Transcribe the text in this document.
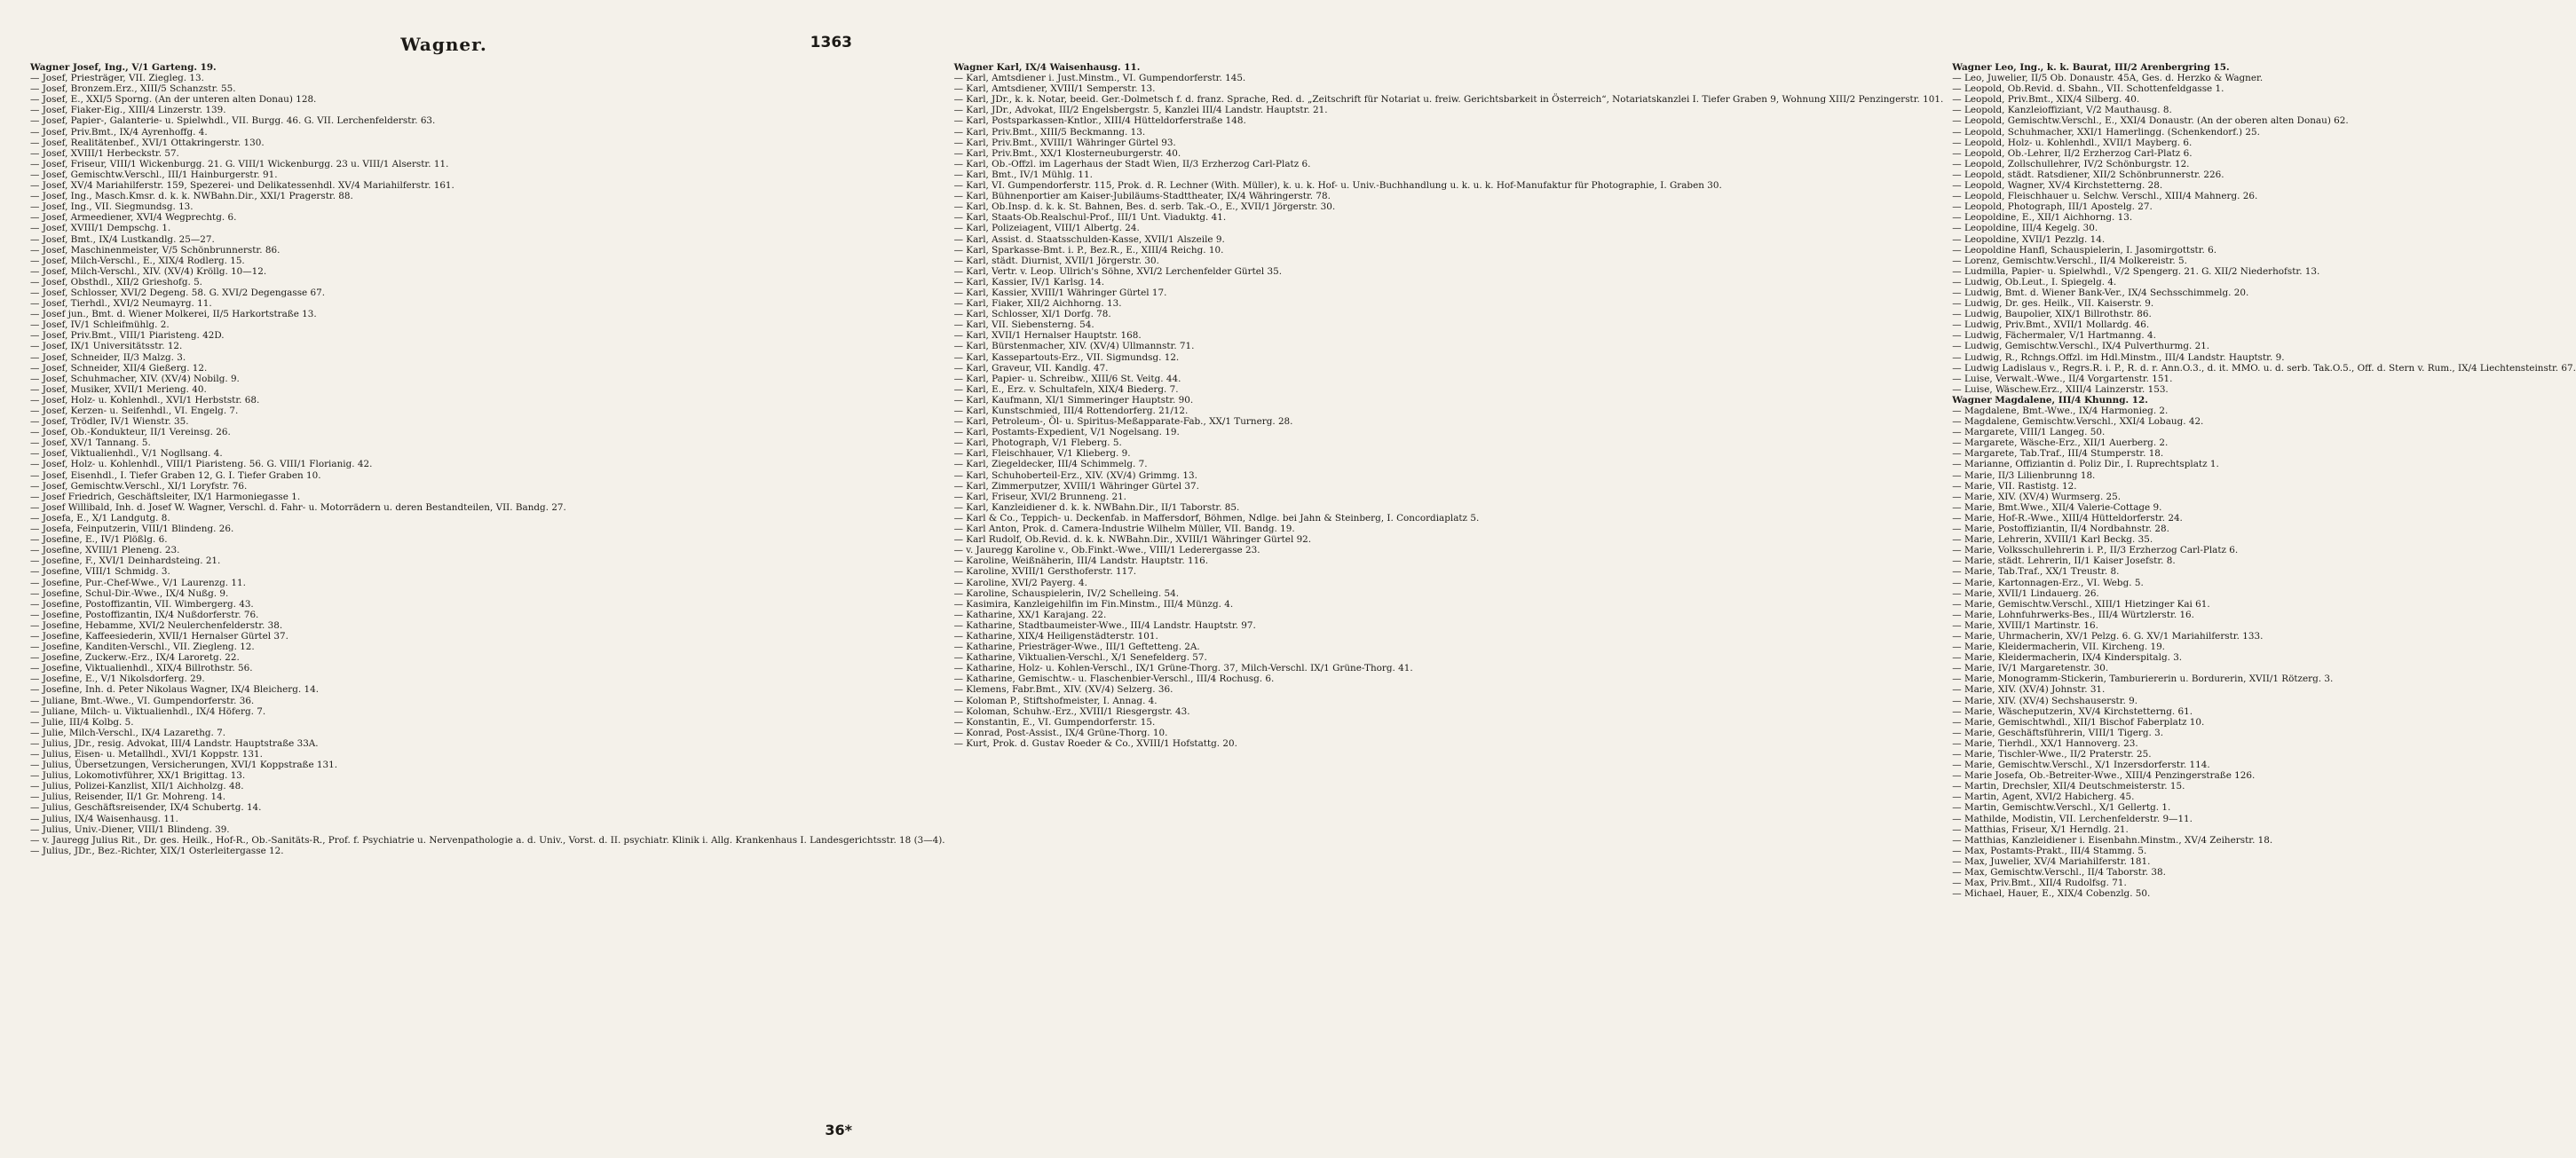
Wagner.	1363
Wagner Josef, Ing., V/1 Garteng. 19.
— Josef, Priesträger, VII. Ziegleg. 13.
— Josef, Bronzem.Erz., XIII/5 Schanzstr. 55.
— Josef, E., XXI/5 Sporng. (An der unteren alten Donau) 128.
— Josef, Fiaker-Eig., XIII/4 Linzerstr. 139.
— Josef, Papier-, Galanterie- u. Spielwhdl., VII. Burgg. 46. G. VII. Lerchenfelderstr. 63.
— Josef, Priv.Bmt., IX/4 Ayrenhoffg. 4.
— Josef, Realitätenbef., XVI/1 Ottakringerstr. 130.
— Josef, XVIII/1 Herbeckstr. 57.
— Josef, Friseur, VIII/1 Wickenburgg. 21. G. VIII/1 Wickenburgg. 23 u. VIII/1 Alserstr. 11.
— Josef, Gemischtw.Verschl., III/1 Hainburgerstr. 91.
— Josef, XV/4 Mariahilferstr. 159, Spezerei- und Delikatessenhdl. XV/4 Mariahilferstr. 161.
— Josef, Ing., Masch.Kmsr. d. k. k. NWBahn.Dir., XXI/1 Pragerstr. 88.
— Josef, Ing., VII. Siegmundsg. 13.
— Josef, Armeediener, XVI/4 Wegprechtg. 6.
— Josef, XVIII/1 Dempschg. 1.
— Josef, Bmt., IX/4 Lustkandlg. 25—27.
— Josef, Maschinenmeister, V/5 Schönbrunnerstr. 86.
— Josef, Milch-Verschl., E., XIX/4 Rodlerg. 15.
— Josef, Milch-Verschl., XIV. (XV/4) Kröllg. 10—12.
— Josef, Obsthdl., XII/2 Grieshofg. 5.
— Josef, Schlosser, XVI/2 Degeng. 58. G. XVI/2 Degengasse 67.
— Josef, Tierhdl., XVI/2 Neumayrg. 11.
— Josef jun., Bmt. d. Wiener Molkerei, II/5 Harkortstraße 13.
— Josef, IV/1 Schleifmühlg. 2.
— Josef, Priv.Bmt., VIII/1 Piaristeng. 42D.
— Josef, IX/1 Universitätsstr. 12.
— Josef, Schneider, II/3 Malzg. 3.
— Josef, Schneider, XII/4 Gießerg. 12.
— Josef, Schuhmacher, XIV. (XV/4) Nobilg. 9.
— Josef, Musiker, XVII/1 Merieng. 40.
— Josef, Holz- u. Kohlenhdl., XVI/1 Herbststr. 68.
— Josef, Kerzen- u. Seifenhdl., VI. Engelg. 7.
— Josef, Trödler, IV/1 Wienstr. 35.
— Josef, Ob.-Kondukteur, II/1 Vereinsg. 26.
— Josef, XV/1 Tannang. 5.
— Josef, Viktualienhdl., V/1 Nogllsang. 4.
— Josef, Holz- u. Kohlenhdl., VIII/1 Piaristeng. 56. G. VIII/1 Florianig. 42.
— Josef, Eisenhdl., I. Tiefer Graben 12, G. I. Tiefer Graben 10.
— Josef, Gemischtw.Verschl., XI/1 Loryfstr. 76.
— Josef Friedrich, Geschäftsleiter, IX/1 Harmoniegasse 1.
— Josef Willibald, Inh. d. Josef W. Wagner, Verschl. d. Fahr- u. Motorrädern u. deren Bestandteilen, VII. Bandg. 27.
— Josefa, E., X/1 Landgutg. 8.
— Josefa, Feinputzerin, VIII/1 Blindeng. 26.
— Josefine, E., IV/1 Plößlg. 6.
— Josefine, XVIII/1 Pleneng. 23.
— Josefine, F., XVI/1 Deinhardsteing. 21.
— Josefine, VIII/1 Schmidg. 3.
— Josefine, Pur.-Chef-Wwe., V/1 Laurenzg. 11.
— Josefine, Schul-Dir.-Wwe., IX/4 Nußg. 9.
— Josefine, Postoffizantin, VII. Wimbergerg. 43.
— Josefine, Postoffizantin, IX/4 Nußdorferstr. 76.
— Josefine, Hebamme, XVI/2 Neulerchenfelderstr. 38.
— Josefine, Kaffeesiederin, XVII/1 Hernalser Gürtel 37.
— Josefine, Kanditen-Verschl., VII. Ziegleng. 12.
— Josefine, Zuckerw.-Erz., IX/4 Laroretg. 22.
— Josefine, Viktualienhdl., XIX/4 Billrothstr. 56.
— Josefine, E., V/1 Nikolsdorferg. 29.
— Josefine, Inh. d. Peter Nikolaus Wagner, IX/4 Bleicherg. 14.
— Juliane, Bmt.-Wwe., VI. Gumpendorferstr. 36.
— Juliane, Milch- u. Viktualienhdl., IX/4 Höferg. 7.
— Julie, III/4 Kolbg. 5.
— Julie, Milch-Verschl., IX/4 Lazarethg. 7.
— Julius, JDr., resig. Advokat, III/4 Landstr. Hauptstraße 33A.
— Julius, Eisen- u. Metallhdl., XVI/1 Koppstr. 131.
— Julius, Übersetzungen, Versicherungen, XVI/1 Koppstraße 131.
— Julius, Lokomotivführer, XX/1 Brigittag. 13.
— Julius, Polizei-Kanzlist, XII/1 Aichholzg. 48.
— Julius, Reisender, II/1 Gr. Mohreng. 14.
— Julius, Geschäftsreisender, IX/4 Schubertg. 14.
— Julius, IX/4 Waisenhausg. 11.
— Julius, Univ.-Diener, VIII/1 Blindeng. 39.
— v. Jauregg Julius Rit., Dr. ges. Heilk., Hof-R., Ob.-Sanitäts-R., Prof. f. Psychiatrie u. Nervenpathologie a. d. Univ., Vorst. d. II. psychiatr. Klinik i. Allg. Krankenhaus I. Landesgerichtsstr. 18 (3—4).
— Julius, JDr., Bez.-Richter, XIX/1 Osterleitergasse 12.
Wagner Karl, IX/4 Waisenhausg. 11.
— Karl, Amtsdiener i. Just.Minstm., VI. Gumpendorferstr. 145.
— Karl, Amtsdiener, XVIII/1 Semperstr. 13.
— Karl, JDr., k. k. Notar, beeid. Ger.-Dolmetsch f. d. franz. Sprache, Red. d. „Zeitschrift für Notariat u. freiw. Gerichtsbarkeit in Österreich“, Notariatskanzlei I. Tiefer Graben 9, Wohnung XIII/2 Penzingerstr. 101.
— Karl, JDr., Advokat, III/2 Engelsbergstr. 5, Kanzlei III/4 Landstr. Hauptstr. 21.
— Karl, Postsparkassen-Kntlor., XIII/4 Hütteldorferstraße 148.
— Karl, Priv.Bmt., XIII/5 Beckmanng. 13.
— Karl, Priv.Bmt., XVIII/1 Währinger Gürtel 93.
— Karl, Priv.Bmt., XX/1 Klosterneuburgerstr. 40.
— Karl, Ob.-Offzl. im Lagerhaus der Stadt Wien, II/3 Erzherzog Carl-Platz 6.
— Karl, Bmt., IV/1 Mühlg. 11.
— Karl, VI. Gumpendorferstr. 115, Prok. d. R. Lechner (With. Müller), k. u. k. Hof- u. Univ.-Buchhandlung u. k. u. k. Hof-Manufaktur für Photographie, I. Graben 30.
— Karl, Bühnenportier am Kaiser-Jubiläums-Stadttheater, IX/4 Währingerstr. 78.
— Karl, Ob.Insp. d. k. k. St. Bahnen, Bes. d. serb. Tak.-O., E., XVII/1 Jörgerstr. 30.
— Karl, Staats-Ob.Realschul-Prof., III/1 Unt. Viaduktg. 41.
— Karl, Polizeiagent, VIII/1 Albertg. 24.
— Karl, Assist. d. Staatsschulden-Kasse, XVII/1 Alszeile 9.
— Karl, Sparkasse-Bmt. i. P., Bez.R., E., XIII/4 Reichg. 10.
— Karl, städt. Diurnist, XVII/1 Jörgerstr. 30.
— Karl, Vertr. v. Leop. Ullrich's Söhne, XVI/2 Lerchenfelder Gürtel 35.
— Karl, Kassier, IV/1 Karlsg. 14.
— Karl, Kassier, XVIII/1 Währinger Gürtel 17.
— Karl, Fiaker, XII/2 Aichhorng. 13.
— Karl, Schlosser, XI/1 Dorfg. 78.
— Karl, VII. Siebensterng. 54.
— Karl, XVII/1 Hernalser Hauptstr. 168.
— Karl, Bürstenmacher, XIV. (XV/4) Ullmannstr. 71.
— Karl, Kassepartouts-Erz., VII. Sigmundsg. 12.
— Karl, Graveur, VII. Kandlg. 47.
— Karl, Papier- u. Schreibw., XIII/6 St. Veitg. 44.
— Karl, E., Erz. v. Schultafeln, XIX/4 Biederg. 7.
— Karl, Kaufmann, XI/1 Simmeringer Hauptstr. 90.
— Karl, Kunstschmied, III/4 Rottendorferg. 21/12.
— Karl, Petroleum-, Öl- u. Spiritus-Meßapparate-Fab., XX/1 Turnerg. 28.
— Karl, Postamts-Expedient, V/1 Nogelsang. 19.
— Karl, Photograph, V/1 Fleberg. 5.
— Karl, Fleischhauer, V/1 Klieberg. 9.
— Karl, Ziegeldecker, III/4 Schimmelg. 7.
— Karl, Schuhoberteil-Erz., XIV. (XV/4) Grimmg. 13.
— Karl, Zimmerputzer, XVIII/1 Währinger Gürtel 37.
— Karl, Friseur, XVI/2 Brunneng. 21.
— Karl, Kanzleidiener d. k. k. NWBahn.Dir., II/1 Taborstr. 85.
— Karl & Co., Teppich- u. Deckenfab. in Maffersdorf, Böhmen, Ndlge. bei Jahn & Steinberg, I. Concordiaplatz 5.
— Karl Anton, Prok. d. Camera-Industrie Wilhelm Müller, VII. Bandg. 19.
— Karl Rudolf, Ob.Revid. d. k. k. NWBahn.Dir., XVIII/1 Währinger Gürtel 92.
— v. Jauregg Karoline v., Ob.Finkt.-Wwe., VIII/1 Lederergasse 23.
— Karoline, Weißnäherin, III/4 Landstr. Hauptstr. 116.
— Karoline, XVIII/1 Gersthoferstr. 117.
— Karoline, XVI/2 Payerg. 4.
— Karoline, Schauspielerin, IV/2 Schelleing. 54.
— Kasimira, Kanzleigehilfin im Fin.Minstm., III/4 Münzg. 4.
— Katharine, XX/1 Karajang. 22.
— Katharine, Stadtbaumeister-Wwe., III/4 Landstr. Hauptstr. 97.
— Katharine, XIX/4 Heiligenstädterstr. 101.
— Katharine, Priesträger-Wwe., III/1 Geftetteng. 2A.
— Katharine, Viktualien-Verschl., X/1 Senefelderg. 57.
— Katharine, Holz- u. Kohlen-Verschl., IX/1 Grüne-Thorg. 37, Milch-Verschl. IX/1 Grüne-Thorg. 41.
— Katharine, Gemischtw.- u. Flaschenbier-Verschl., III/4 Rochusg. 6.
— Klemens, Fabr.Bmt., XIV. (XV/4) Selzerg. 36.
— Koloman P., Stiftshofmeister, I. Annag. 4.
— Koloman, Schuhw.-Erz., XVIII/1 Riesgergstr. 43.
— Konstantin, E., VI. Gumpendorferstr. 15.
— Konrad, Post-Assist., IX/4 Grüne-Thorg. 10.
— Kurt, Prok. d. Gustav Roeder & Co., XVIII/1 Hofstattg. 20.
Wagner Leo, Ing., k. k. Baurat, III/2 Arenbergring 15.
— Leo, Juwelier, II/5 Ob. Donaustr. 45A, Ges. d. Herzko & Wagner.
— Leopold, Ob.Revid. d. Sbahn., VII. Schottenfeldgasse 1.
— Leopold, Priv.Bmt., XIX/4 Silberg. 40.
— Leopold, Kanzleioffiziant, V/2 Mauthausg. 8.
— Leopold, Gemischtw.Verschl., E., XXI/4 Donaustr. (An der oberen alten Donau) 62.
— Leopold, Schuhmacher, XXI/1 Hamerlingg. (Schenkendorf.) 25.
— Leopold, Holz- u. Kohlenhdl., XVII/1 Mayberg. 6.
— Leopold, Ob.-Lehrer, II/2 Erzherzog Carl-Platz 6.
— Leopold, Zollschullehrer, IV/2 Schönburgstr. 12.
— Leopold, städt. Ratsdiener, XII/2 Schönbrunnerstr. 226.
— Leopold, Wagner, XV/4 Kirchstetterng. 28.
— Leopold, Fleischhauer u. Selchw. Verschl., XIII/4 Mahnerg. 26.
— Leopold, Photograph, III/1 Apostelg. 27.
— Leopoldine, E., XII/1 Aichhorng. 13.
— Leopoldine, III/4 Kegelg. 30.
— Leopoldine, XVII/1 Pezzlg. 14.
— Leopoldine Hanfl, Schauspielerin, I. Jasomirgottstr. 6.
— Lorenz, Gemischtw.Verschl., II/4 Molkereistr. 5.
— Ludmilla, Papier- u. Spielwhdl., V/2 Spengerg. 21. G. XII/2 Niederhofstr. 13.
— Ludwig, Ob.Leut., I. Spiegelg. 4.
— Ludwig, Bmt. d. Wiener Bank-Ver., IX/4 Sechsschimmelg. 20.
— Ludwig, Dr. ges. Heilk., VII. Kaiserstr. 9.
— Ludwig, Baupolier, XIX/1 Billrothstr. 86.
— Ludwig, Priv.Bmt., XVII/1 Mollardg. 46.
— Ludwig, Fächermaler, V/1 Hartmanng. 4.
— Ludwig, Gemischtw.Verschl., IX/4 Pulverthurmg. 21.
— Ludwig, R., Rchngs.Offzl. im Hdl.Minstm., III/4 Landstr. Hauptstr. 9.
— Ludwig Ladislaus v., Regrs.R. i. P., R. d. r. Ann.O.3., d. it. MMO. u. d. serb. Tak.O.5., Off. d. Stern v. Rum., IX/4 Liechtensteinstr. 67.
— Luise, Verwalt.-Wwe., II/4 Vorgartenstr. 151.
— Luise, Wäschew.Erz., XIII/4 Lainzerstr. 153.
Wagner Magdalene, III/4 Khunng. 12.
— Magdalene, Bmt.-Wwe., IX/4 Harmonieg. 2.
— Magdalene, Gemischtw.Verschl., XXI/4 Lobaug. 42.
— Margarete, VIII/1 Langeg. 50.
— Margarete, Wäsche-Erz., XII/1 Auerberg. 2.
— Margarete, Tab.Traf., III/4 Stumperstr. 18.
— Marianne, Offiziantin d. Poliz Dir., I. Ruprechtsplatz 1.
— Marie, II/3 Lilienbrunng 18.
— Marie, VII. Rastistg. 12.
— Marie, XIV. (XV/4) Wurmserg. 25.
— Marie, Bmt.Wwe., XII/4 Valerie-Cottage 9.
— Marie, Hof-R.-Wwe., XIII/4 Hütteldorferstr. 24.
— Marie, Postoffiziantin, II/4 Nordbahnstr. 28.
— Marie, Lehrerin, XVIII/1 Karl Beckg. 35.
— Marie, Volksschullehrerin i. P., II/3 Erzherzog Carl-Platz 6.
— Marie, städt. Lehrerin, II/1 Kaiser Josefstr. 8.
— Marie, Tab.Traf., XX/1 Treustr. 8.
— Marie, Kartonnagen-Erz., VI. Webg. 5.
— Marie, XVII/1 Lindauerg. 26.
— Marie, Gemischtw.Verschl., XIII/1 Hietzinger Kai 61.
— Marie, Lohnfuhrwerks-Bes., III/4 Würtzlerstr. 16.
— Marie, XVIII/1 Martinstr. 16.
— Marie, Uhrmacherin, XV/1 Pelzg. 6. G. XV/1 Mariahilferstr. 133.
— Marie, Kleidermacherin, VII. Kircheng. 19.
— Marie, Kleidermacherin, IX/4 Kinderspitalg. 3.
— Marie, IV/1 Margaretenstr. 30.
— Marie, Monogramm-Stickerin, Tamburiererin u. Bordurerin, XVII/1 Rötzerg. 3.
— Marie, XIV. (XV/4) Johnstr. 31.
— Marie, XIV. (XV/4) Sechshauserstr. 9.
— Marie, Wäscheputzerin, XV/4 Kirchstetterng. 61.
— Marie, Gemischtwhdl., XII/1 Bischof Faberplatz 10.
— Marie, Geschäftsführerin, VIII/1 Tigerg. 3.
— Marie, Tierhdl., XX/1 Hannoverg. 23.
— Marie, Tischler-Wwe., II/2 Praterstr. 25.
— Marie, Gemischtw.Verschl., X/1 Inzersdorferstr. 114.
— Marie Josefa, Ob.-Betreiter-Wwe., XIII/4 Penzingerstraße 126.
— Martin, Drechsler, XII/4 Deutschmeisterstr. 15.
— Martin, Agent, XVI/2 Habicherg. 45.
— Martin, Gemischtw.Verschl., X/1 Gellertg. 1.
— Mathilde, Modistin, VII. Lerchenfelderstr. 9—11.
— Matthias, Friseur, X/1 Herndlg. 21.
— Matthias, Kanzleidiener i. Eisenbahn.Minstm., XV/4 Zeiherstr. 18.
— Max, Postamts-Prakt., III/4 Stammg. 5.
— Max, Juwelier, XV/4 Mariahilferstr. 181.
— Max, Gemischtw.Verschl., II/4 Taborstr. 38.
— Max, Priv.Bmt., XII/4 Rudolfsg. 71.
— Michael, Hauer, E., XIX/4 Cobenzlg. 50.
36*
